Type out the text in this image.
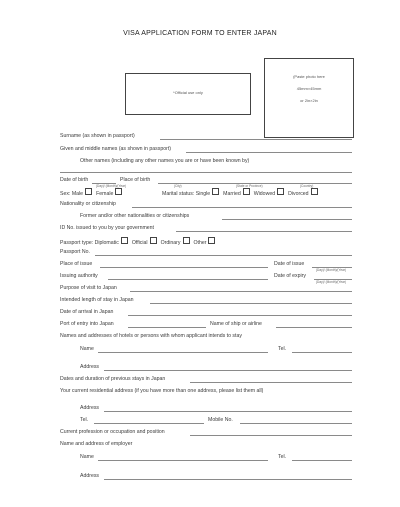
VISA APPLICATION FORM TO ENTER JAPAN
*Official use only
(Paste photo here
45mm×45mm
or 2in×2in
Surname (as shown in passport)
Given and middle names (as shown in passport)
Other names (including any other names you are or have been known by)
Date of birth	Place of birth
(Day)/ (Month)/(Year)	(City)	(State or Province)	(Country)
Sex: Male	Female	Marital status: Single	Married	Widowed	Divorced
Nationality or citizenship
Former and/or other nationalities or citizenships
ID No. issued to you by your government
Passport type: Diplomatic	Official	Ordinary	Other
Passport No.
Place of issue	Date of issue
(Day)/ (Month)/(Year)
Issuing authority	Date of expiry
(Day)/ (Month)/(Year)
Purpose of visit to Japan
Intended length of stay in Japan
Date of arrival in Japan
Port of entry into Japan	Name of ship or airline
Names and addresses of hotels or persons with whom applicant intends to stay
Name	Tel.
Address
Dates and duration of previous stays in Japan
Your current residential address (if you have more than one address, please list them all)
Address
Tel.	Mobile No.
Current profession or occupation and position
Name and address of employer
Name	Tel.
Address
